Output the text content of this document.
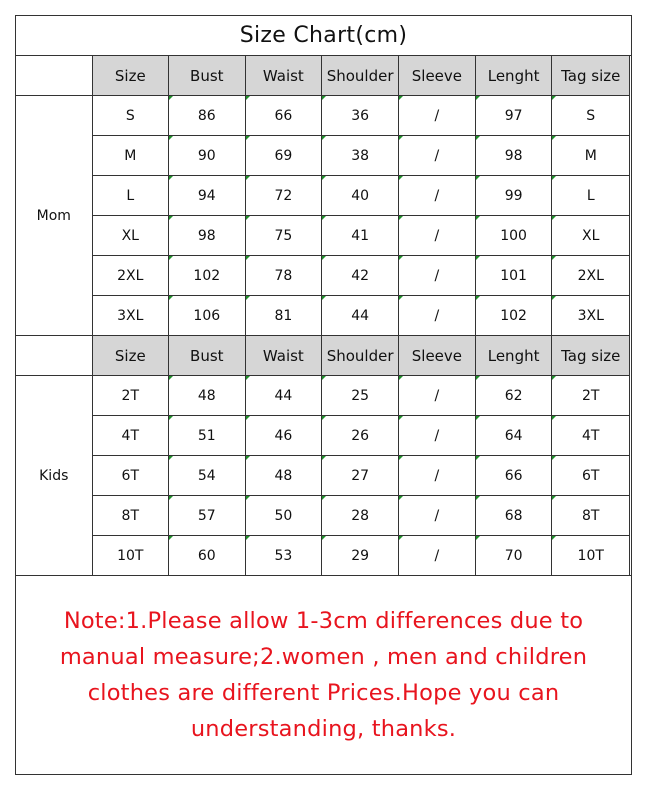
Size Chart(cm)
	Size	Bust	Waist	Shoulder	Sleeve	Lenght	Tag size
Mom	S	86	66	36	/	97	S
	M	90	69	38	/	98	M
	L	94	72	40	/	99	L
	XL	98	75	41	/	100	XL
	2XL	102	78	42	/	101	2XL
	3XL	106	81	44	/	102	3XL
	Size	Bust	Waist	Shoulder	Sleeve	Lenght	Tag size
Kids	2T	48	44	25	/	62	2T
	4T	51	46	26	/	64	4T
	6T	54	48	27	/	66	6T
	8T	57	50	28	/	68	8T
	10T	60	53	29	/	70	10T
Note:1.Please allow 1-3cm differences due to manual measure;2.women , men and children clothes are different Prices.Hope you can understanding, thanks.
